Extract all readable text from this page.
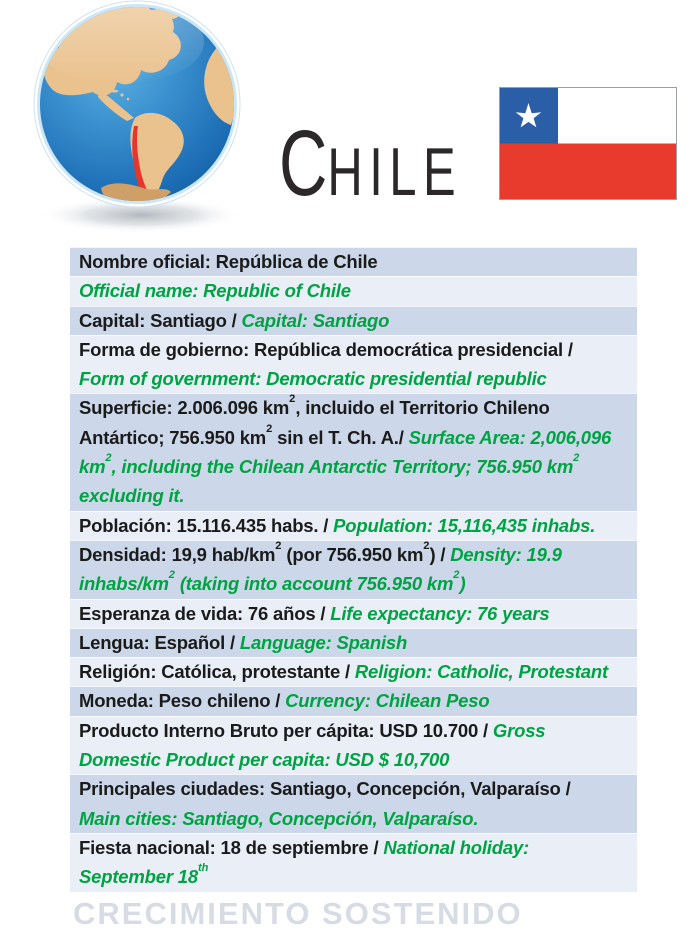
C HILE
Nombre oficial: República de Chile
Official name: Republic of Chile
Capital: Santiago / Capital: Santiago
Forma de gobierno: República democrática presidencial /
Form of government: Democratic presidential republic
Superficie: 2.006.096 $km^2$, incluido el Territorio Chileno
Antártico; 756.950 $km^2$ sin el T. Ch. A./ Surface Area: 2,006,096
$km^2$, including the Chilean Antarctic Territory; 756.950 $km^2$
excluding it.
Población: 15.116.435 habs. / Population: 15,116,435 inhabs.
Densidad: 19,9 hab/$km^2$ (por 756.950 $km^2$) / Density: 19.9
inhabs/$km^2$ (taking into account 756.950 $km^2$)
Esperanza de vida: 76 años / Life expectancy: 76 years
Lengua: Español / Language: Spanish
Religión: Católica, protestante / Religion: Catholic, Protestant
Moneda: Peso chileno / Currency: Chilean Peso
Producto Interno Bruto per cápita: USD 10.700 / Gross
Domestic Product per capita: USD $ 10,700
Principales ciudades: Santiago, Concepción, Valparaíso /
Main cities: Santiago, Concepción, Valparaíso.
Fiesta nacional: 18 de septiembre / National holiday:
September 18th
CRECIMIENTO SOSTENIDO
